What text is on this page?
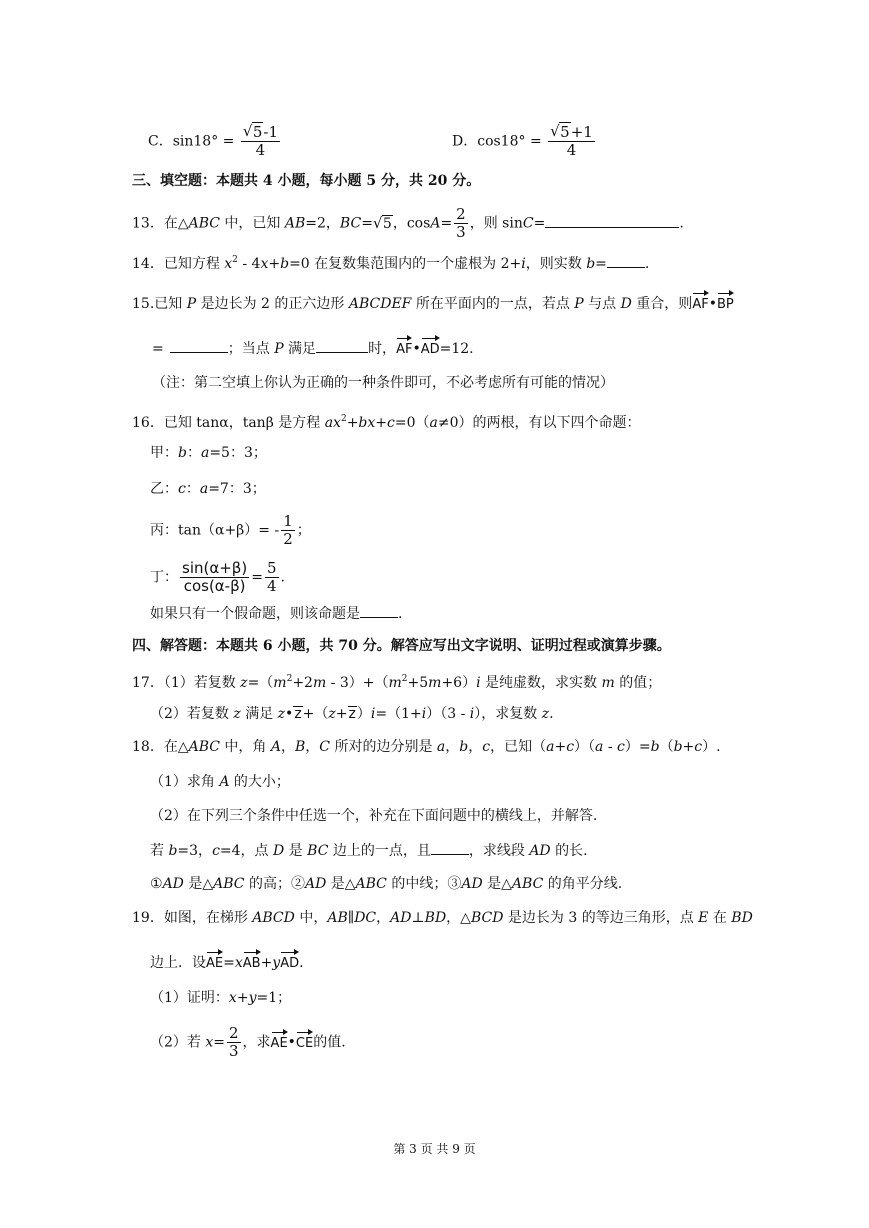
C．$\sin 18^\circ = \frac{√ 5-1}{4}$	D．$\cos 18^\circ = \frac{√ 5+1}{4}$
三、填空题：本题共 4 小题，每小题 5 分，共 20 分。
13．在△ABC 中，已知 AB=2，BC= √ 5，$\cos A= \frac{2}{3}$ ，则 sinC=	.
14．已知方程 $x^2 - 4x+b=0$ 在复数集范围内的一个虚根为 2+i，则实数 b=	.
15.已知 P 是边长为 2 的正六边形 ABCDEF 所在平面内的一点，若点 P 与点 D 重合，则AF•BP
=	；当点 P 满足	时，AF•AD=12.
（注：第二空填上你认为正确的一种条件即可，不必考虑所有可能的情况）
16．已知 tanα，tanβ 是方程 $ax^2+bx+c=0(a\ne 0)$的两根，有以下四个命题：
甲：b：a=5：3；
乙：c：a=7：3；
丙：$\tan(\alpha+\beta)= - \frac{1}{2}$ ；
丁： $\frac{\sin(\alpha+\beta)}{\cos(\alpha-\beta)} = \frac{5}{4}$ .
如果只有一个假命题，则该命题是	.
四、解答题：本题共 6 小题，共 70 分。解答应写出文字说明、证明过程或演算步骤。
17．（1）若复数 $z=(m^2+2m - 3)+(m^2+5m+6)i$ 是纯虚数，求实数 m 的值；
（2）若复数 z 满足 z•z+（z+z）i=（1+i）（3 - i），求复数 z.
18．在△ABC 中，角 A，B，C 所对的边分别是 a，b，c，已知（a+c）（a - c）=b（b+c）.
（1）求角 A 的大小；
（2）在下列三个条件中任选一个，补充在下面问题中的横线上，并解答.
若 b=3，c=4，点 D 是 BC 边上的一点，且	，求线段 AD 的长.
①AD 是△ABC 的高；②AD 是△ABC 的中线；③AD 是△ABC 的角平分线.
19．如图，在梯形 ABCD 中，AB∥DC，AD⊥BD，△BCD 是边长为 3 的等边三角形，点 E 在 BD
边上．设AE=xAB+yAD.
（1）证明：x+y=1；
（2）若 $x= \frac{2}{3}$ ，求AE•CE的值.
第 3 页 共 9 页
